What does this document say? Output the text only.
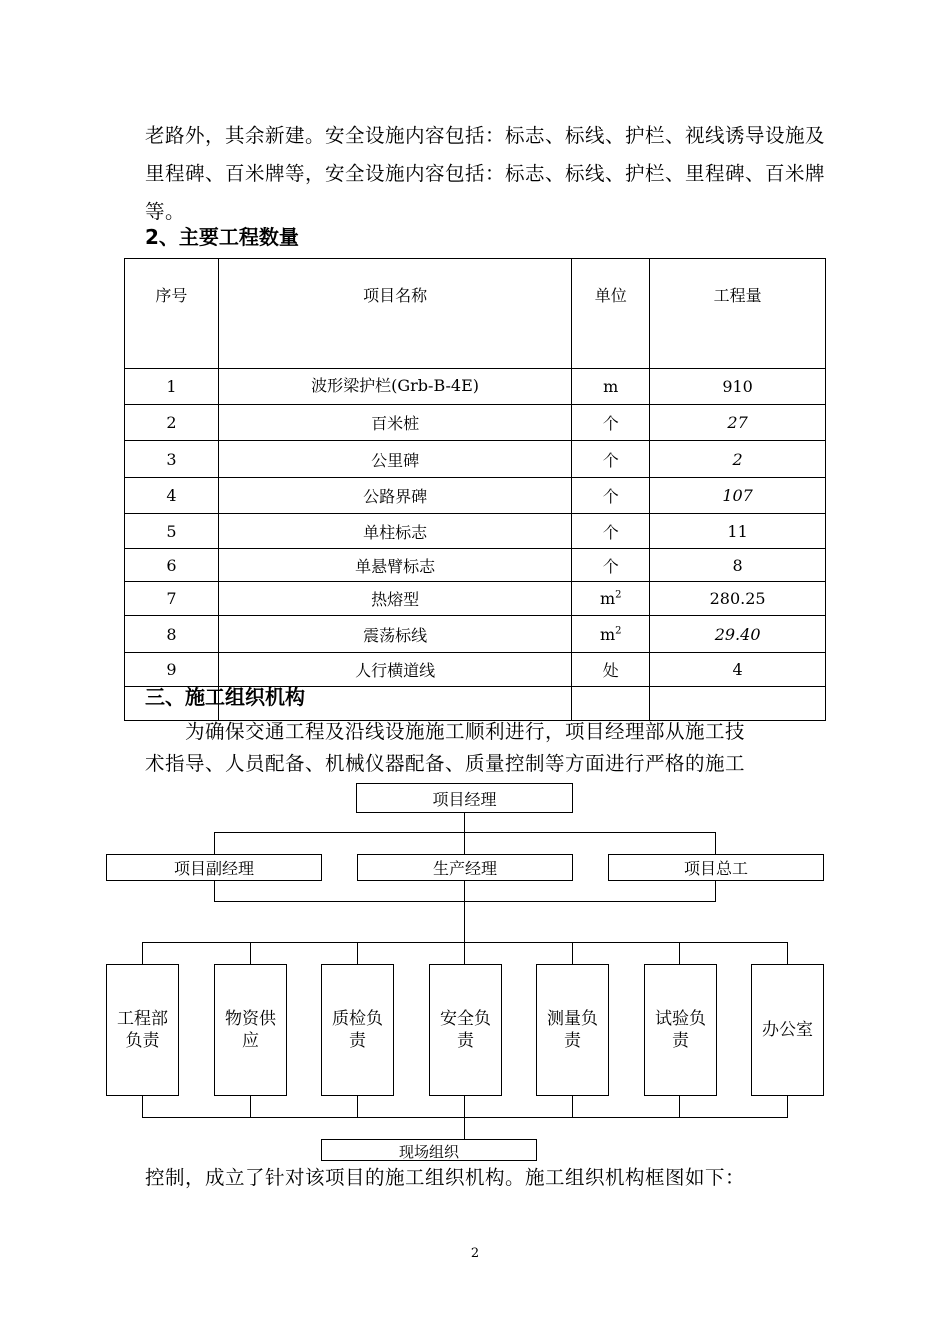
老路外，其余新建。安全设施内容包括：标志、标线、护栏、视线诱导设施及里程碑、百米牌等，安全设施内容包括：标志、标线、护栏、里程碑、百米牌等。
2、主要工程数量
序号	项目名称	单位	工程量
1	波形梁护栏(Grb-B-4E)	m	910
2	百米桩	个	27
3	公里碑	个	2
4	公路界碑	个	107
5	单柱标志	个	11
6	单悬臂标志	个	8
7	热熔型	$m^2$	280.25
8	震荡标线	$m^2$	29.40
9	人行横道线	处	4

三、施工组织机构
为确保交通工程及沿线设施施工顺利进行，项目经理部从施工技
术指导、人员配备、机械仪器配备、质量控制等方面进行严格的施工
项目经理
项目副经理	生产经理	项目总工
工程部
负责
物资供
应
质检负
责
安全负
责
测量负
责
试验负
责
办公室
现场组织
控制，成立了针对该项目的施工组织机构。施工组织机构框图如下：
2
